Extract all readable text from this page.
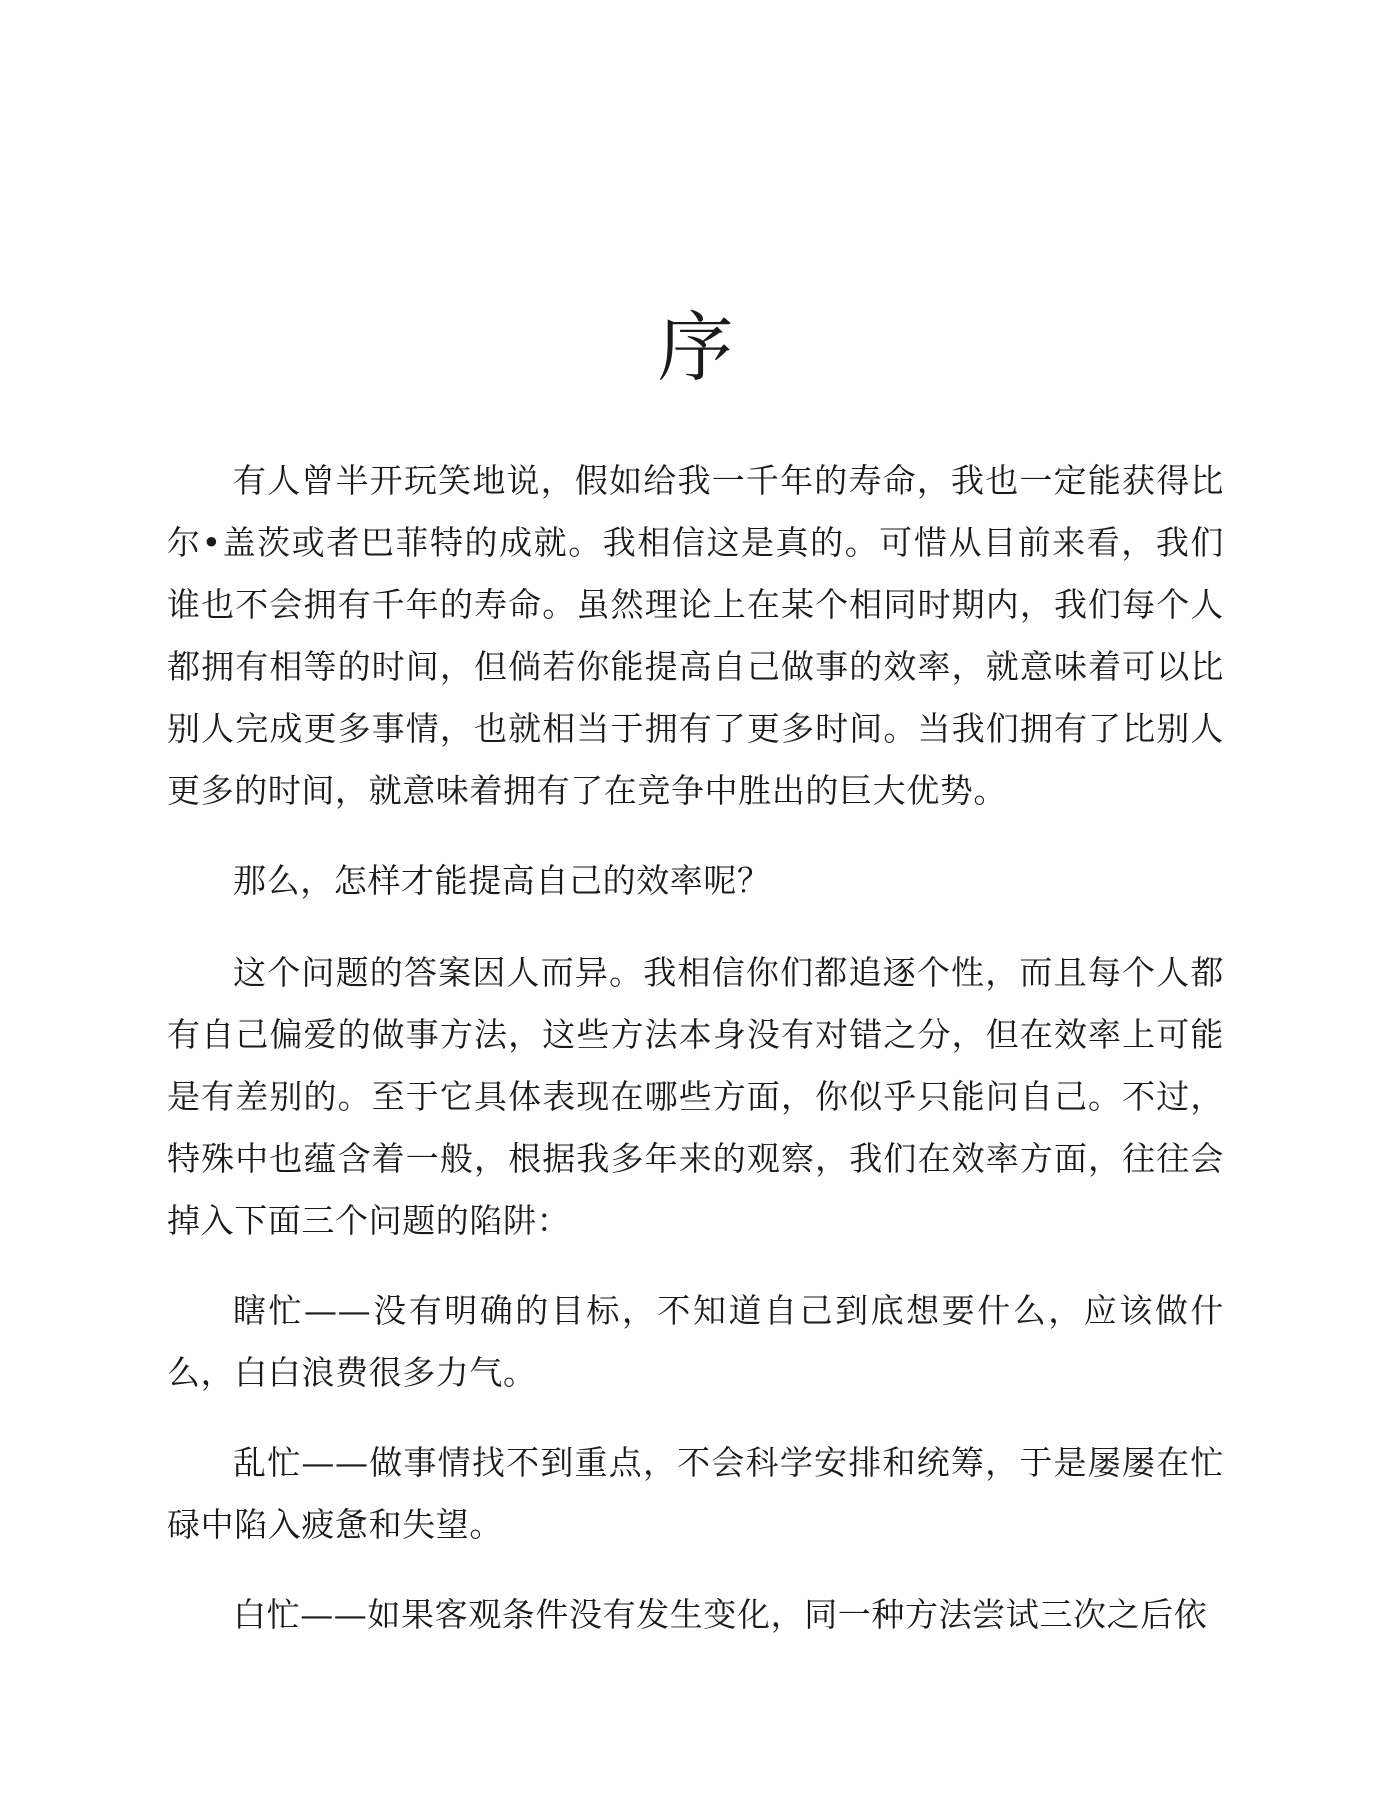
序

有人曾半开玩笑地说，假如给我一千年的寿命，我也一定能获得比尔•盖茨或者巴菲特的成就。我相信这是真的。可惜从目前来看，我们谁也不会拥有千年的寿命。虽然理论上在某个相同时期内，我们每个人都拥有相等的时间，但倘若你能提高自己做事的效率，就意味着可以比别人完成更多事情，也就相当于拥有了更多时间。当我们拥有了比别人更多的时间，就意味着拥有了在竞争中胜出的巨大优势。

那么，怎样才能提高自己的效率呢？

这个问题的答案因人而异。我相信你们都追逐个性，而且每个人都有自己偏爱的做事方法，这些方法本身没有对错之分，但在效率上可能是有差别的。至于它具体表现在哪些方面，你似乎只能问自己。不过，特殊中也蕴含着一般，根据我多年来的观察，我们在效率方面，往往会掉入下面三个问题的陷阱：

瞎忙——没有明确的目标，不知道自己到底想要什么，应该做什么，白白浪费很多力气。

乱忙——做事情找不到重点，不会科学安排和统筹，于是屡屡在忙碌中陷入疲惫和失望。

白忙——如果客观条件没有发生变化，同一种方法尝试三次之后依
